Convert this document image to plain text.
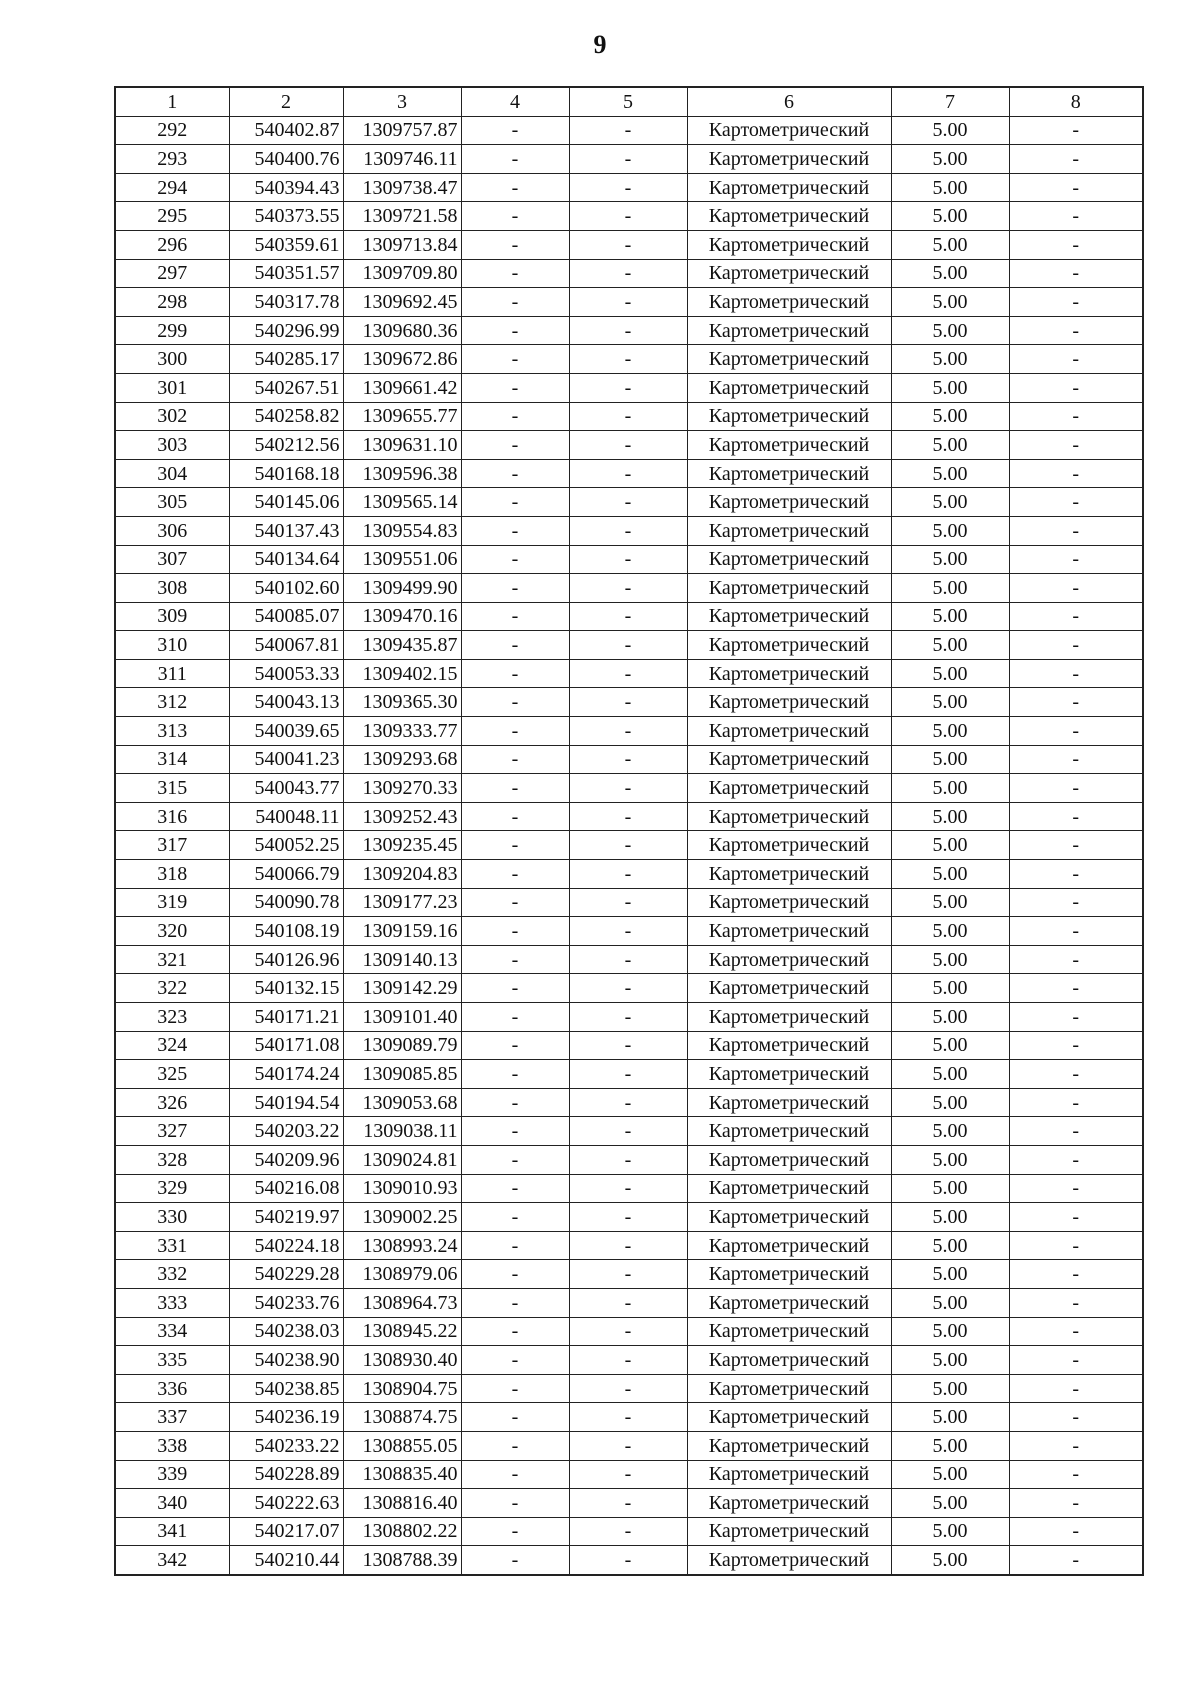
9
1	2	3	4	5	6	7	8
292	540402.87	1309757.87	-	-	Картометрический	5.00	-
293	540400.76	1309746.11	-	-	Картометрический	5.00	-
294	540394.43	1309738.47	-	-	Картометрический	5.00	-
295	540373.55	1309721.58	-	-	Картометрический	5.00	-
296	540359.61	1309713.84	-	-	Картометрический	5.00	-
297	540351.57	1309709.80	-	-	Картометрический	5.00	-
298	540317.78	1309692.45	-	-	Картометрический	5.00	-
299	540296.99	1309680.36	-	-	Картометрический	5.00	-
300	540285.17	1309672.86	-	-	Картометрический	5.00	-
301	540267.51	1309661.42	-	-	Картометрический	5.00	-
302	540258.82	1309655.77	-	-	Картометрический	5.00	-
303	540212.56	1309631.10	-	-	Картометрический	5.00	-
304	540168.18	1309596.38	-	-	Картометрический	5.00	-
305	540145.06	1309565.14	-	-	Картометрический	5.00	-
306	540137.43	1309554.83	-	-	Картометрический	5.00	-
307	540134.64	1309551.06	-	-	Картометрический	5.00	-
308	540102.60	1309499.90	-	-	Картометрический	5.00	-
309	540085.07	1309470.16	-	-	Картометрический	5.00	-
310	540067.81	1309435.87	-	-	Картометрический	5.00	-
311	540053.33	1309402.15	-	-	Картометрический	5.00	-
312	540043.13	1309365.30	-	-	Картометрический	5.00	-
313	540039.65	1309333.77	-	-	Картометрический	5.00	-
314	540041.23	1309293.68	-	-	Картометрический	5.00	-
315	540043.77	1309270.33	-	-	Картометрический	5.00	-
316	540048.11	1309252.43	-	-	Картометрический	5.00	-
317	540052.25	1309235.45	-	-	Картометрический	5.00	-
318	540066.79	1309204.83	-	-	Картометрический	5.00	-
319	540090.78	1309177.23	-	-	Картометрический	5.00	-
320	540108.19	1309159.16	-	-	Картометрический	5.00	-
321	540126.96	1309140.13	-	-	Картометрический	5.00	-
322	540132.15	1309142.29	-	-	Картометрический	5.00	-
323	540171.21	1309101.40	-	-	Картометрический	5.00	-
324	540171.08	1309089.79	-	-	Картометрический	5.00	-
325	540174.24	1309085.85	-	-	Картометрический	5.00	-
326	540194.54	1309053.68	-	-	Картометрический	5.00	-
327	540203.22	1309038.11	-	-	Картометрический	5.00	-
328	540209.96	1309024.81	-	-	Картометрический	5.00	-
329	540216.08	1309010.93	-	-	Картометрический	5.00	-
330	540219.97	1309002.25	-	-	Картометрический	5.00	-
331	540224.18	1308993.24	-	-	Картометрический	5.00	-
332	540229.28	1308979.06	-	-	Картометрический	5.00	-
333	540233.76	1308964.73	-	-	Картометрический	5.00	-
334	540238.03	1308945.22	-	-	Картометрический	5.00	-
335	540238.90	1308930.40	-	-	Картометрический	5.00	-
336	540238.85	1308904.75	-	-	Картометрический	5.00	-
337	540236.19	1308874.75	-	-	Картометрический	5.00	-
338	540233.22	1308855.05	-	-	Картометрический	5.00	-
339	540228.89	1308835.40	-	-	Картометрический	5.00	-
340	540222.63	1308816.40	-	-	Картометрический	5.00	-
341	540217.07	1308802.22	-	-	Картометрический	5.00	-
342	540210.44	1308788.39	-	-	Картометрический	5.00	-
